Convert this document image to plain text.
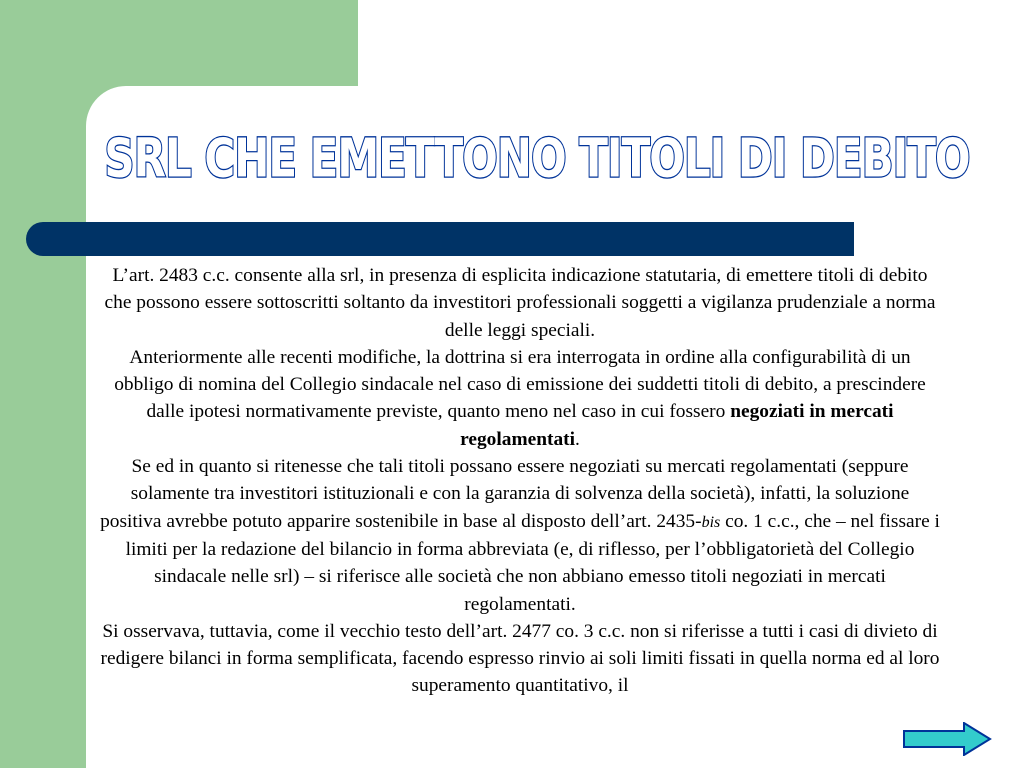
SRL CHE EMETTONO TITOLI DI DEBITO

L’art. 2483 c.c. consente alla srl, in presenza di esplicita indicazione statutaria, di emettere titoli di debito che possono essere sottoscritti soltanto da investitori professionali soggetti a vigilanza prudenziale a norma delle leggi speciali.

Anteriormente alle recenti modifiche, la dottrina si era interrogata in ordine alla configurabilità di un obbligo di nomina del Collegio sindacale nel caso di emissione dei suddetti titoli di debito, a prescindere dalle ipotesi normativamente previste, quanto meno nel caso in cui fossero negoziati in mercati regolamentati.

Se ed in quanto si ritenesse che tali titoli possano essere negoziati su mercati regolamentati (seppure solamente tra investitori istituzionali e con la garanzia di solvenza della società), infatti, la soluzione positiva avrebbe potuto apparire sostenibile in base al disposto dell’art. 2435-bis co. 1 c.c., che – nel fissare i limiti per la redazione del bilancio in forma abbreviata (e, di riflesso, per l’obbligatorietà del Collegio sindacale nelle srl) – si riferisce alle società che non abbiano emesso titoli negoziati in mercati regolamentati.

Si osservava, tuttavia, come il vecchio testo dell’art. 2477 co. 3 c.c. non si riferisse a tutti i casi di divieto di redigere bilanci in forma semplificata, facendo espresso rinvio ai soli limiti fissati in quella norma ed al loro superamento quantitativo, il
